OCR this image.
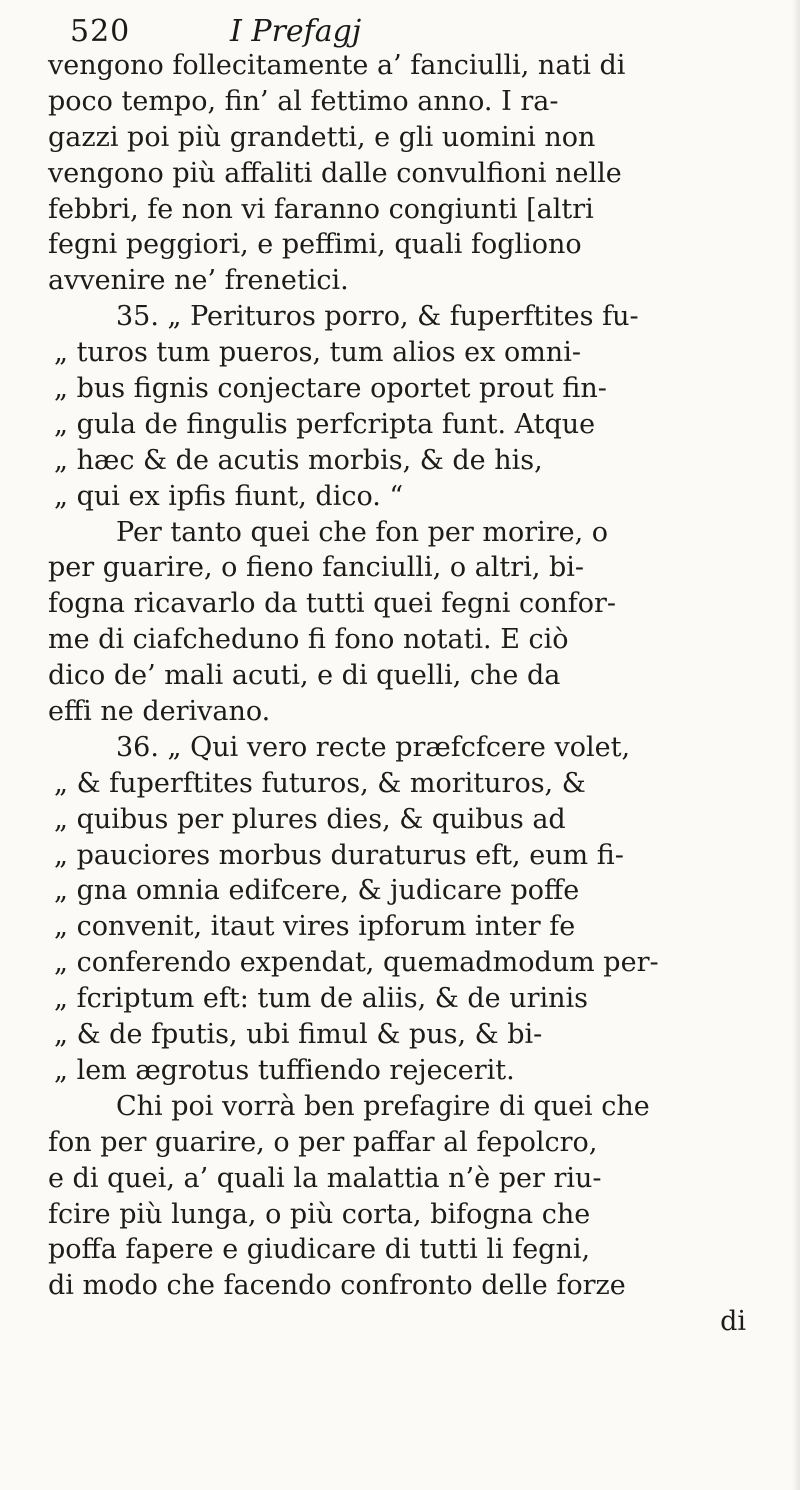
520	I Prefagj
vengono follecitamente a’ fanciulli, nati di
poco tempo, fin’ al fettimo anno. I ra-
gazzi poi più grandetti, e gli uomini non
vengono più affaliti dalle convulfioni nelle
febbri, fe non vi faranno congiunti [altri
fegni peggiori, e peffimi, quali fogliono
avvenire ne’ frenetici.
35. „ Perituros porro, & fuperftites fu-
„ turos tum pueros, tum alios ex omni-
„ bus fignis conjectare oportet prout fin-
„ gula de fingulis perfcripta funt. Atque
„ hæc & de acutis morbis, & de his,
„ qui ex ipfis fiunt, dico. “
Per tanto quei che fon per morire, o
per guarire, o fieno fanciulli, o altri, bi-
fogna ricavarlo da tutti quei fegni confor-
me di ciafcheduno fi fono notati. E ciò
dico de’ mali acuti, e di quelli, che da
effi ne derivano.
36. „ Qui vero recte præfcfcere volet,
„ & fuperftites futuros, & morituros, &
„ quibus per plures dies, & quibus ad
„ pauciores morbus duraturus eft, eum fi-
„ gna omnia edifcere, & judicare poffe
„ convenit, itaut vires ipforum inter fe
„ conferendo expendat, quemadmodum per-
„ fcriptum eft: tum de aliis, & de urinis
„ & de fputis, ubi fimul & pus, & bi-
„ lem ægrotus tuffiendo rejecerit.
Chi poi vorrà ben prefagire di quei che
fon per guarire, o per paffar al fepolcro,
e di quei, a’ quali la malattia n’è per riu-
fcire più lunga, o più corta, bifogna che
poffa fapere e giudicare di tutti li fegni,
di modo che facendo confronto delle forze
di
